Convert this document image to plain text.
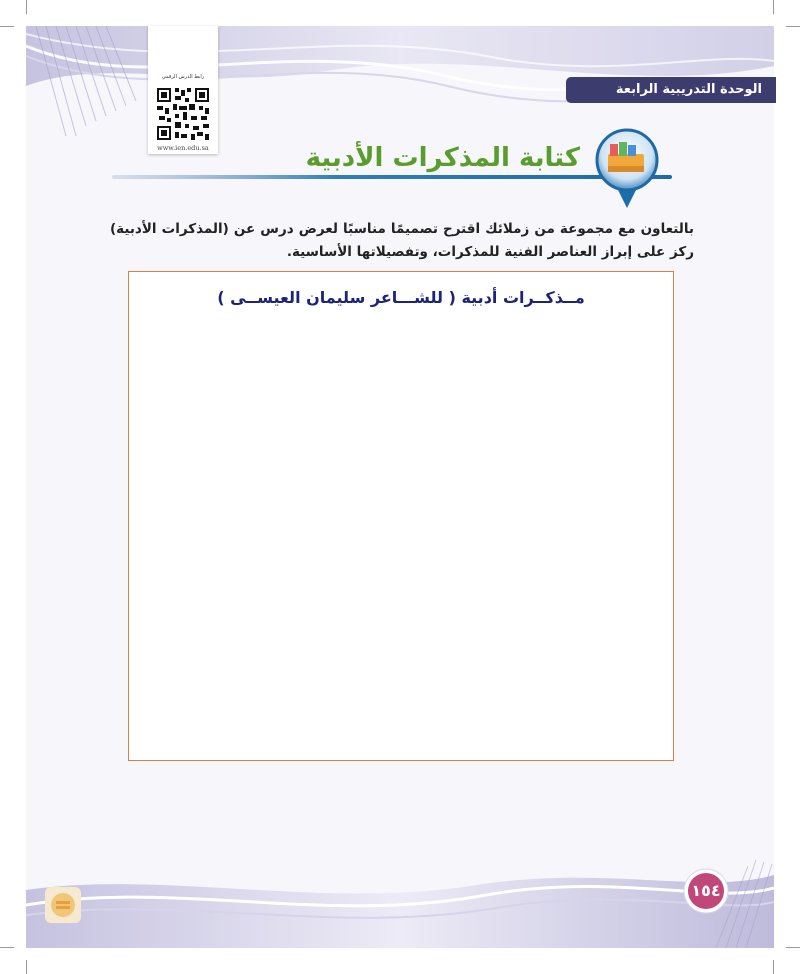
رابط الدرس الرقمي
www.ien.edu.sa
الوحدة التدريبية الرابعة
كتابة المذكرات الأدبية
بالتعاون مع مجموعة من زملائك اقترح تصميمًا مناسبًا لعرض درس عن (المذكرات الأدبية) ركز على إبراز العناصر الفنية للمذكرات، وتفصيلاتها الأساسية.
مــذكــرات أدبية ( للشـــاعر سليمان العيســى )
١٥٤
